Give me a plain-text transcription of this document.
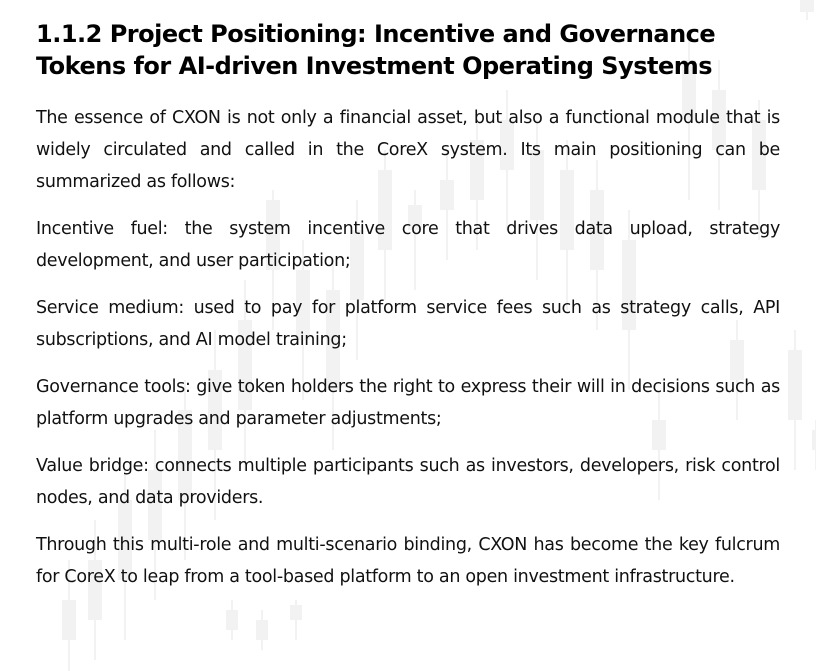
1.1.2 Project Positioning: Incentive and Governance Tokens for AI-driven Investment Operating Systems

The essence of CXON is not only a financial asset, but also a functional module that is widely circulated and called in the CoreX system. Its main positioning can be summarized as follows:

Incentive fuel: the system incentive core that drives data upload, strategy development, and user participation;

Service medium: used to pay for platform service fees such as strategy calls, API subscriptions, and AI model training;

Governance tools: give token holders the right to express their will in decisions such as platform upgrades and parameter adjustments;

Value bridge: connects multiple participants such as investors, developers, risk control nodes, and data providers.

Through this multi-role and multi-scenario binding, CXON has become the key fulcrum for CoreX to leap from a tool-based platform to an open investment infrastructure.
